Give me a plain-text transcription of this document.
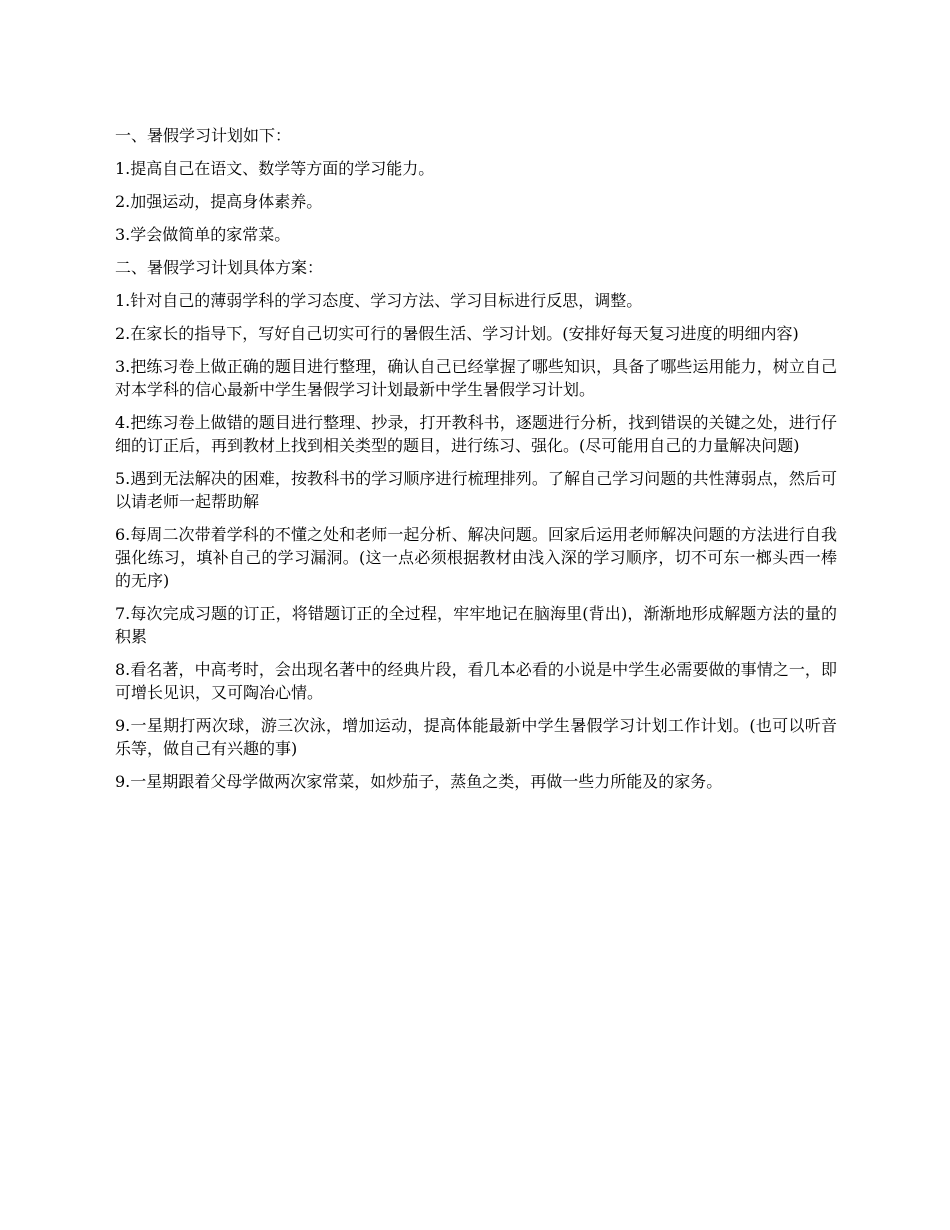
一、暑假学习计划如下：

1.提高自己在语文、数学等方面的学习能力。

2.加强运动，提高身体素养。

3.学会做简单的家常菜。

二、暑假学习计划具体方案：

1.针对自己的薄弱学科的学习态度、学习方法、学习目标进行反思，调整。

2.在家长的指导下，写好自己切实可行的暑假生活、学习计划。(安排好每天复习进度的明细内容)

3.把练习卷上做正确的题目进行整理，确认自己已经掌握了哪些知识，具备了哪些运用能力，树立自己对本学科的信心最新中学生暑假学习计划最新中学生暑假学习计划。

4.把练习卷上做错的题目进行整理、抄录，打开教科书，逐题进行分析，找到错误的关键之处，进行仔细的订正后，再到教材上找到相关类型的题目，进行练习、强化。(尽可能用自己的力量解决问题)

5.遇到无法解决的困难，按教科书的学习顺序进行梳理排列。了解自己学习问题的共性薄弱点，然后可以请老师一起帮助解

6.每周二次带着学科的不懂之处和老师一起分析、解决问题。回家后运用老师解决问题的方法进行自我强化练习，填补自己的学习漏洞。(这一点必须根据教材由浅入深的学习顺序，切不可东一榔头西一棒的无序)

7.每次完成习题的订正，将错题订正的全过程，牢牢地记在脑海里(背出)，渐渐地形成解题方法的量的积累

8.看名著，中高考时，会出现名著中的经典片段，看几本必看的小说是中学生必需要做的事情之一，即可增长见识，又可陶冶心情。

9.一星期打两次球，游三次泳，增加运动，提高体能最新中学生暑假学习计划工作计划。(也可以听音乐等，做自己有兴趣的事)

9.一星期跟着父母学做两次家常菜，如炒茄子，蒸鱼之类，再做一些力所能及的家务。
